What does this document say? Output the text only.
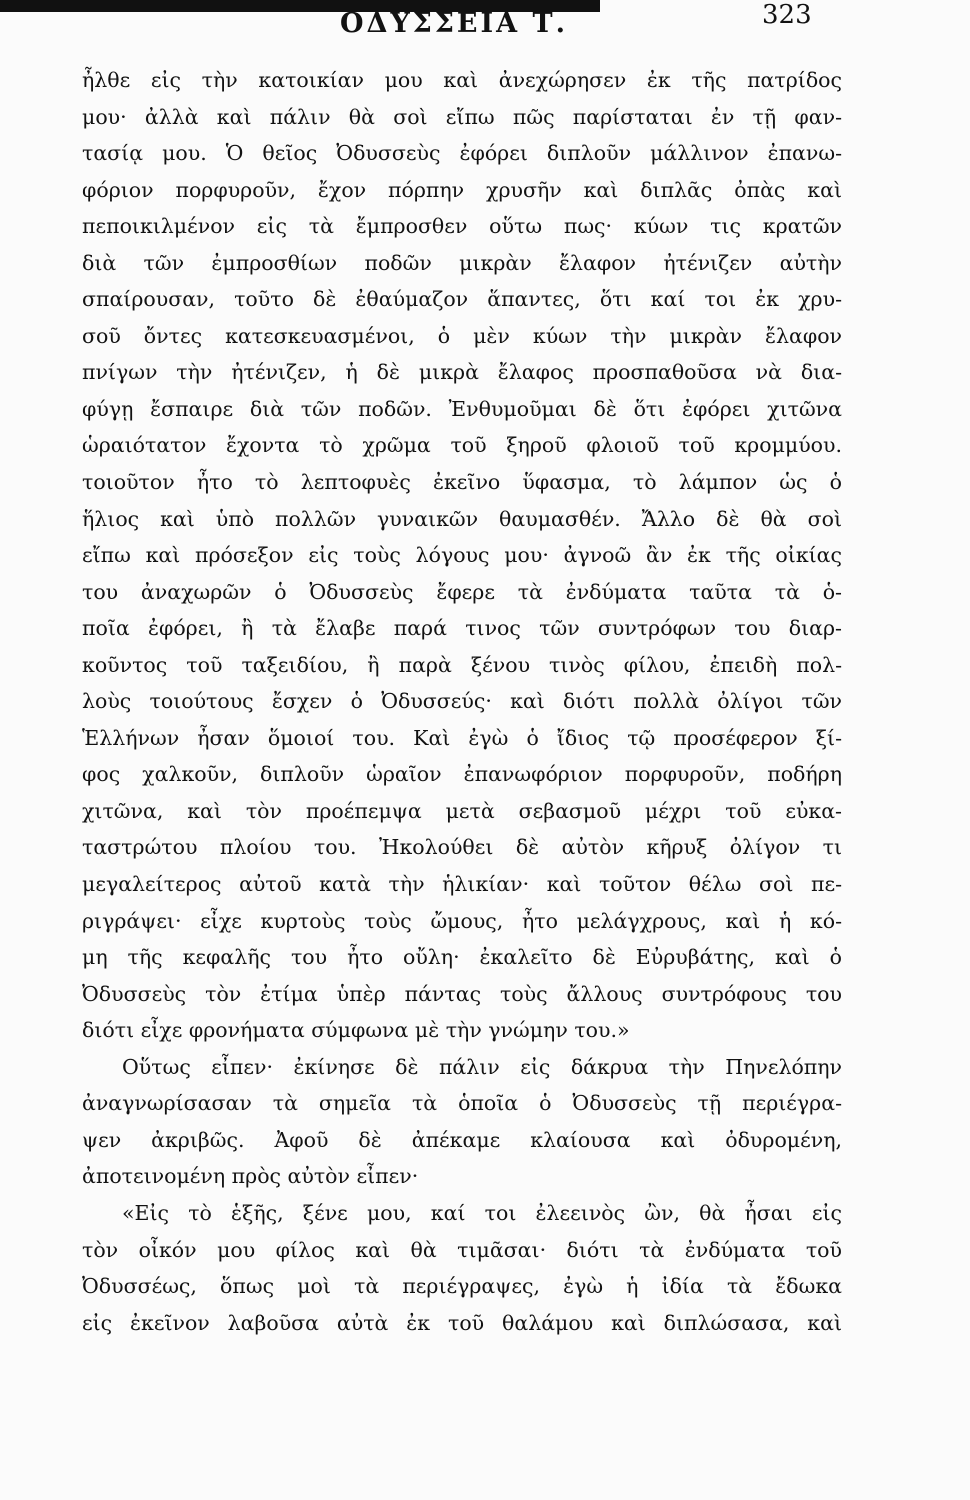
ΟΔΥΣΣΕΙΑ Τ.	323
ἦλθε εἰς τὴν κατοικίαν μου καὶ ἀνεχώρησεν ἐκ τῆς πατρίδος
μου· ἀλλὰ καὶ πάλιν θὰ σοὶ εἴπω πῶς παρίσταται ἐν τῇ φαν-
τασίᾳ μου. Ὁ θεῖος Ὀδυσσεὺς ἐφόρει διπλοῦν μάλλινον ἐπανω-
φόριον πορφυροῦν, ἔχον πόρπην χρυσῆν καὶ διπλᾶς ὀπὰς καὶ
πεποικιλμένον εἰς τὰ ἔμπροσθεν οὕτω πως· κύων τις κρατῶν
διὰ τῶν ἐμπροσθίων ποδῶν μικρὰν ἔλαφον ἠτένιζεν αὐτὴν
σπαίρουσαν, τοῦτο δὲ ἐθαύμαζον ἅπαντες, ὅτι καί τοι ἐκ χρυ-
σοῦ ὄντες κατεσκευασμένοι, ὁ μὲν κύων τὴν μικρὰν ἔλαφον
πνίγων τὴν ἠτένιζεν, ἡ δὲ μικρὰ ἔλαφος προσπαθοῦσα νὰ δια-
φύγῃ ἔσπαιρε διὰ τῶν ποδῶν. Ἐνθυμοῦμαι δὲ ὅτι ἐφόρει χιτῶνα
ὡραιότατον ἔχοντα τὸ χρῶμα τοῦ ξηροῦ φλοιοῦ τοῦ κρομμύου.
τοιοῦτον ἦτο τὸ λεπτοφυὲς ἐκεῖνο ὕφασμα, τὸ λάμπον ὡς ὁ
ἥλιος καὶ ὑπὸ πολλῶν γυναικῶν θαυμασθέν. Ἄλλο δὲ θὰ σοὶ
εἴπω καὶ πρόσεξον εἰς τοὺς λόγους μου· ἀγνοῶ ἂν ἐκ τῆς οἰκίας
του ἀναχωρῶν ὁ Ὀδυσσεὺς ἔφερε τὰ ἐνδύματα ταῦτα τὰ ὁ-
ποῖα ἐφόρει, ἢ τὰ ἔλαβε παρά τινος τῶν συντρόφων του διαρ-
κοῦντος τοῦ ταξειδίου, ἢ παρὰ ξένου τινὸς φίλου, ἐπειδὴ πολ-
λοὺς τοιούτους ἔσχεν ὁ Ὀδυσσεύς· καὶ διότι πολλὰ ὀλίγοι τῶν
Ἑλλήνων ἦσαν ὅμοιοί του. Καὶ ἐγὼ ὁ ἴδιος τῷ προσέφερον ξί-
φος χαλκοῦν, διπλοῦν ὡραῖον ἐπανωφόριον πορφυροῦν, ποδήρη
χιτῶνα, καὶ τὸν προέπεμψα μετὰ σεβασμοῦ μέχρι τοῦ εὐκα-
ταστρώτου πλοίου του. Ἠκολούθει δὲ αὐτὸν κῆρυξ ὀλίγον τι
μεγαλείτερος αὐτοῦ κατὰ τὴν ἡλικίαν· καὶ τοῦτον θέλω σοὶ πε-
ριγράψει· εἶχε κυρτοὺς τοὺς ὤμους, ἦτο μελάγχρους, καὶ ἡ κό-
μη τῆς κεφαλῆς του ἦτο οὔλη· ἐκαλεῖτο δὲ Εὐρυβάτης, καὶ ὁ
Ὀδυσσεὺς τὸν ἐτίμα ὑπὲρ πάντας τοὺς ἄλλους συντρόφους του
διότι εἶχε φρονήματα σύμφωνα μὲ τὴν γνώμην του.»
Οὕτως εἶπεν· ἐκίνησε δὲ πάλιν εἰς δάκρυα τὴν Πηνελόπην
ἀναγνωρίσασαν τὰ σημεῖα τὰ ὁποῖα ὁ Ὀδυσσεὺς τῇ περιέγρα-
ψεν ἀκριβῶς. Ἀφοῦ δὲ ἀπέκαμε κλαίουσα καὶ ὀδυρομένη,
ἀποτεινομένη πρὸς αὐτὸν εἶπεν·
«Εἰς τὸ ἑξῆς, ξένε μου, καί τοι ἐλεεινὸς ὢν, θὰ ἦσαι εἰς
τὸν οἶκόν μου φίλος καὶ θὰ τιμᾶσαι· διότι τὰ ἐνδύματα τοῦ
Ὀδυσσέως, ὅπως μοὶ τὰ περιέγραψες, ἐγὼ ἡ ἰδία τὰ ἔδωκα
εἰς ἐκεῖνον λαβοῦσα αὐτὰ ἐκ τοῦ θαλάμου καὶ διπλώσασα, καὶ
